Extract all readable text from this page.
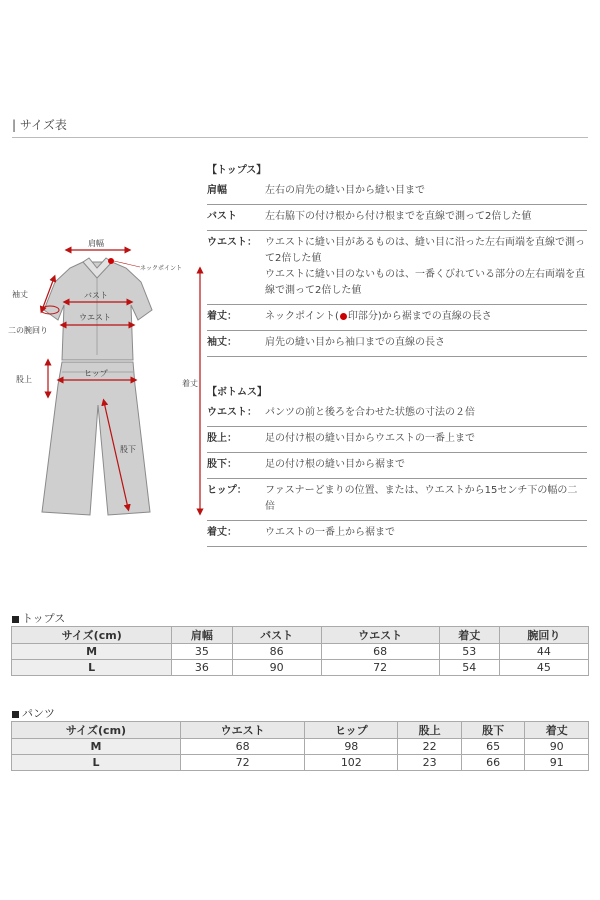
| サイズ表
肩幅
ネックポイント
バスト
ウエスト
袖丈
二の腕回り
着丈
股上
ヒップ
股下
【トップス】
肩幅	左右の肩先の縫い目から縫い目まで
バスト	左右脇下の付け根から付け根までを直線で測って2倍した値
ウエスト： ウエストに縫い目があるものは、縫い目に沿った左右両端を直線で測って2倍した値
ウエストに縫い目のないものは、一番くびれている部分の左右両端を直線で測って2倍した値
着丈：	ネックポイント( 印部分)から裾までの直線の長さ
袖丈：	肩先の縫い目から袖口までの直線の長さ
【ボトムス】
ウエスト： パンツの前と後ろを合わせた状態の寸法の２倍
股上：	足の付け根の縫い目からウエストの一番上まで
股下：	足の付け根の縫い目から裾まで
ヒップ：	ファスナーどまりの位置、または、ウエストから15センチ下の幅の二倍
着丈：	ウエストの一番上から裾まで
トップス
サイズ(cm)	肩幅	バスト	ウエスト	着丈	腕回り
M	35	86	68	53	44
L	36	90	72	54	45
パンツ
サイズ(cm)	ウエスト	ヒップ	股上	股下	着丈
M	68	98	22	65	90
L	72	102	23	66	91
